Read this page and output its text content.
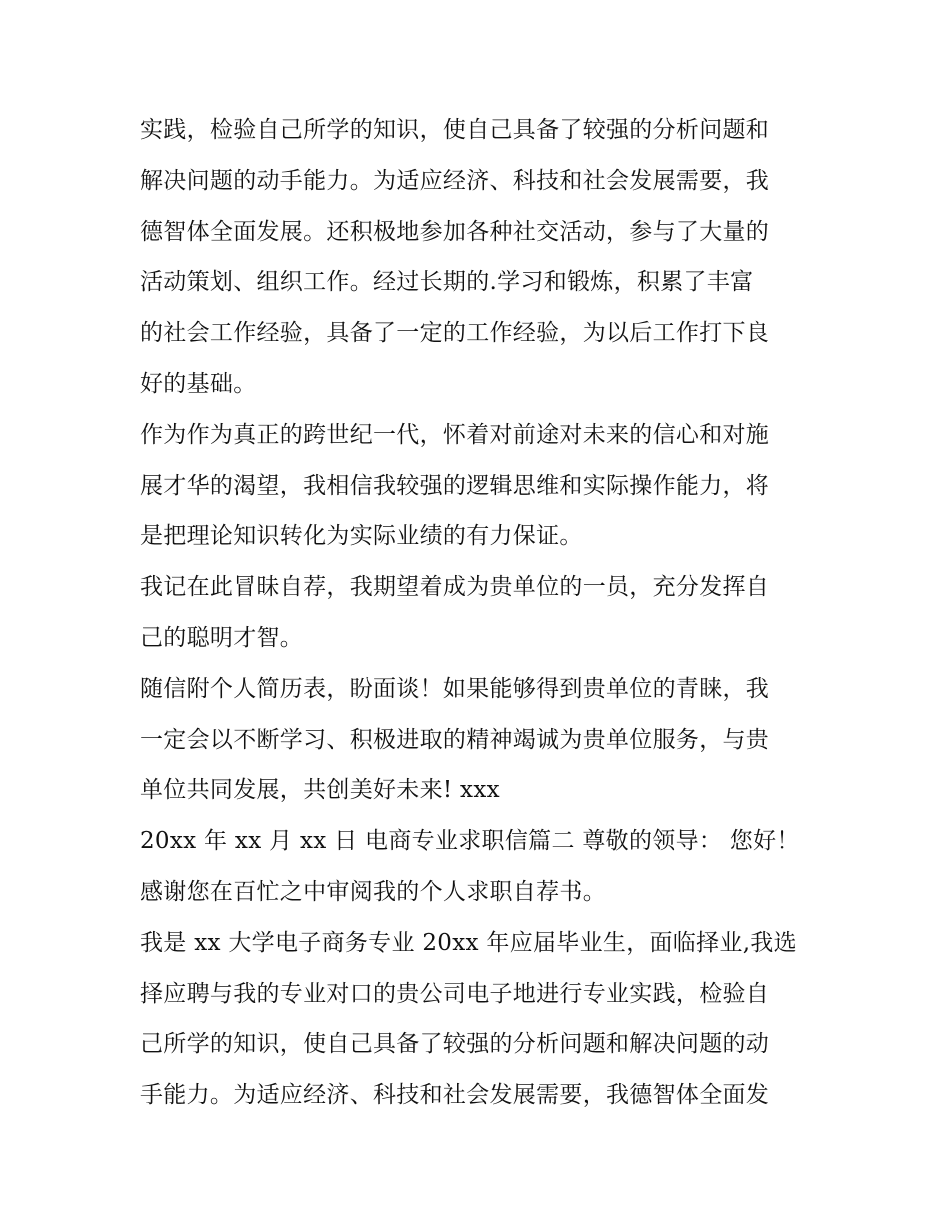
实践，检验自己所学的知识，使自己具备了较强的分析问题和
解决问题的动手能力。为适应经济、科技和社会发展需要，我
德智体全面发展。还积极地参加各种社交活动，参与了大量的
活动策划、组织工作。经过长期的.学习和锻炼，积累了丰富
的社会工作经验，具备了一定的工作经验，为以后工作打下良
好的基础。
作为作为真正的跨世纪一代，怀着对前途对未来的信心和对施
展才华的渴望，我相信我较强的逻辑思维和实际操作能力，将
是把理论知识转化为实际业绩的有力保证。
我记在此冒昧自荐，我期望着成为贵单位的一员，充分发挥自
己的聪明才智。
随信附个人简历表，盼面谈！如果能够得到贵单位的青睐，我
一定会以不断学习、积极进取的精神竭诚为贵单位服务，与贵
单位共同发展，共创美好未来! xxx
20xx 年 xx 月 xx 日 电商专业求职信篇二 尊敬的领导： 您好！
感谢您在百忙之中审阅我的个人求职自荐书。
我是 xx 大学电子商务专业 20xx 年应届毕业生，面临择业,我选
择应聘与我的专业对口的贵公司电子地进行专业实践，检验自
己所学的知识，使自己具备了较强的分析问题和解决问题的动
手能力。为适应经济、科技和社会发展需要，我德智体全面发
